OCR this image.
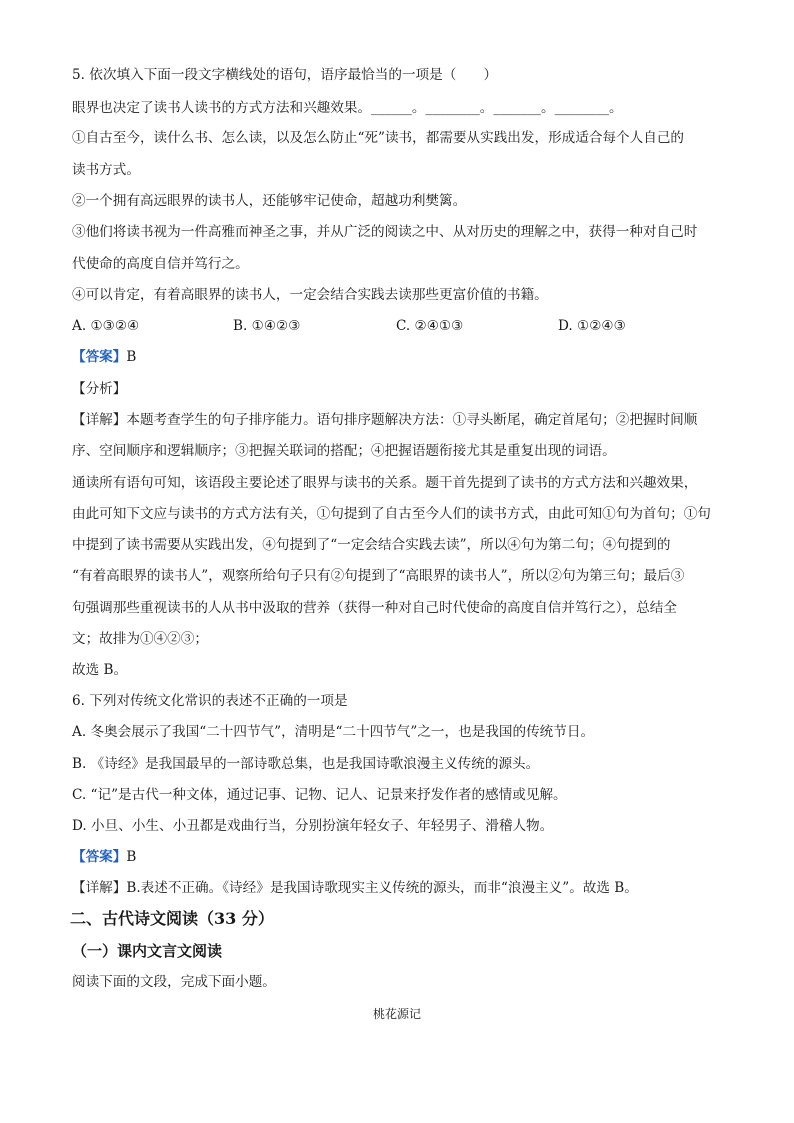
5. 依次填入下面一段文字横线处的语句，语序最恰当的一项是（　　）
眼界也决定了读书人读书的方式方法和兴趣效果。______。________。_______。________。
①自古至今，读什么书、怎么读，以及怎么防止“死”读书，都需要从实践出发，形成适合每个人自己的
读书方式。
②一个拥有高远眼界的读书人，还能够牢记使命，超越功利樊篱。
③他们将读书视为一件高雅而神圣之事，并从广泛的阅读之中、从对历史的理解之中，获得一种对自己时
代使命的高度自信并笃行之。
④可以肯定，有着高眼界的读书人，一定会结合实践去读那些更富价值的书籍。
A. ①③②④	B. ①④②③	C. ②④①③	D. ①②④③
【答案】B
【分析】
【详解】本题考查学生的句子排序能力。语句排序题解决方法：①寻头断尾，确定首尾句；②把握时间顺
序、空间顺序和逻辑顺序；③把握关联词的搭配；④把握语题衔接尤其是重复出现的词语。
通读所有语句可知，该语段主要论述了眼界与读书的关系。题干首先提到了读书的方式方法和兴趣效果，
由此可知下文应与读书的方式方法有关，①句提到了自古至今人们的读书方式，由此可知①句为首句；①句
中提到了读书需要从实践出发，④句提到了“一定会结合实践去读”，所以④句为第二句；④句提到的
“有着高眼界的读书人”，观察所给句子只有②句提到了“高眼界的读书人”，所以②句为第三句；最后③
句强调那些重视读书的人从书中汲取的营养（获得一种对自己时代使命的高度自信并笃行之），总结全
文；故排为①④②③；
故选 B。
6. 下列对传统文化常识的表述不正确的一项是
A. 冬奥会展示了我国“二十四节气”，清明是“二十四节气”之一，也是我国的传统节日。
B. 《诗经》是我国最早的一部诗歌总集，也是我国诗歌浪漫主义传统的源头。
C. “记”是古代一种文体，通过记事、记物、记人、记景来抒发作者的感情或见解。
D. 小旦、小生、小丑都是戏曲行当，分别扮演年轻女子、年轻男子、滑稽人物。
【答案】B
【详解】B.表述不正确。《诗经》是我国诗歌现实主义传统的源头，而非“浪漫主义”。故选 B。
二、古代诗文阅读（33 分）
（一）课内文言文阅读
阅读下面的文段，完成下面小题。
桃花源记
